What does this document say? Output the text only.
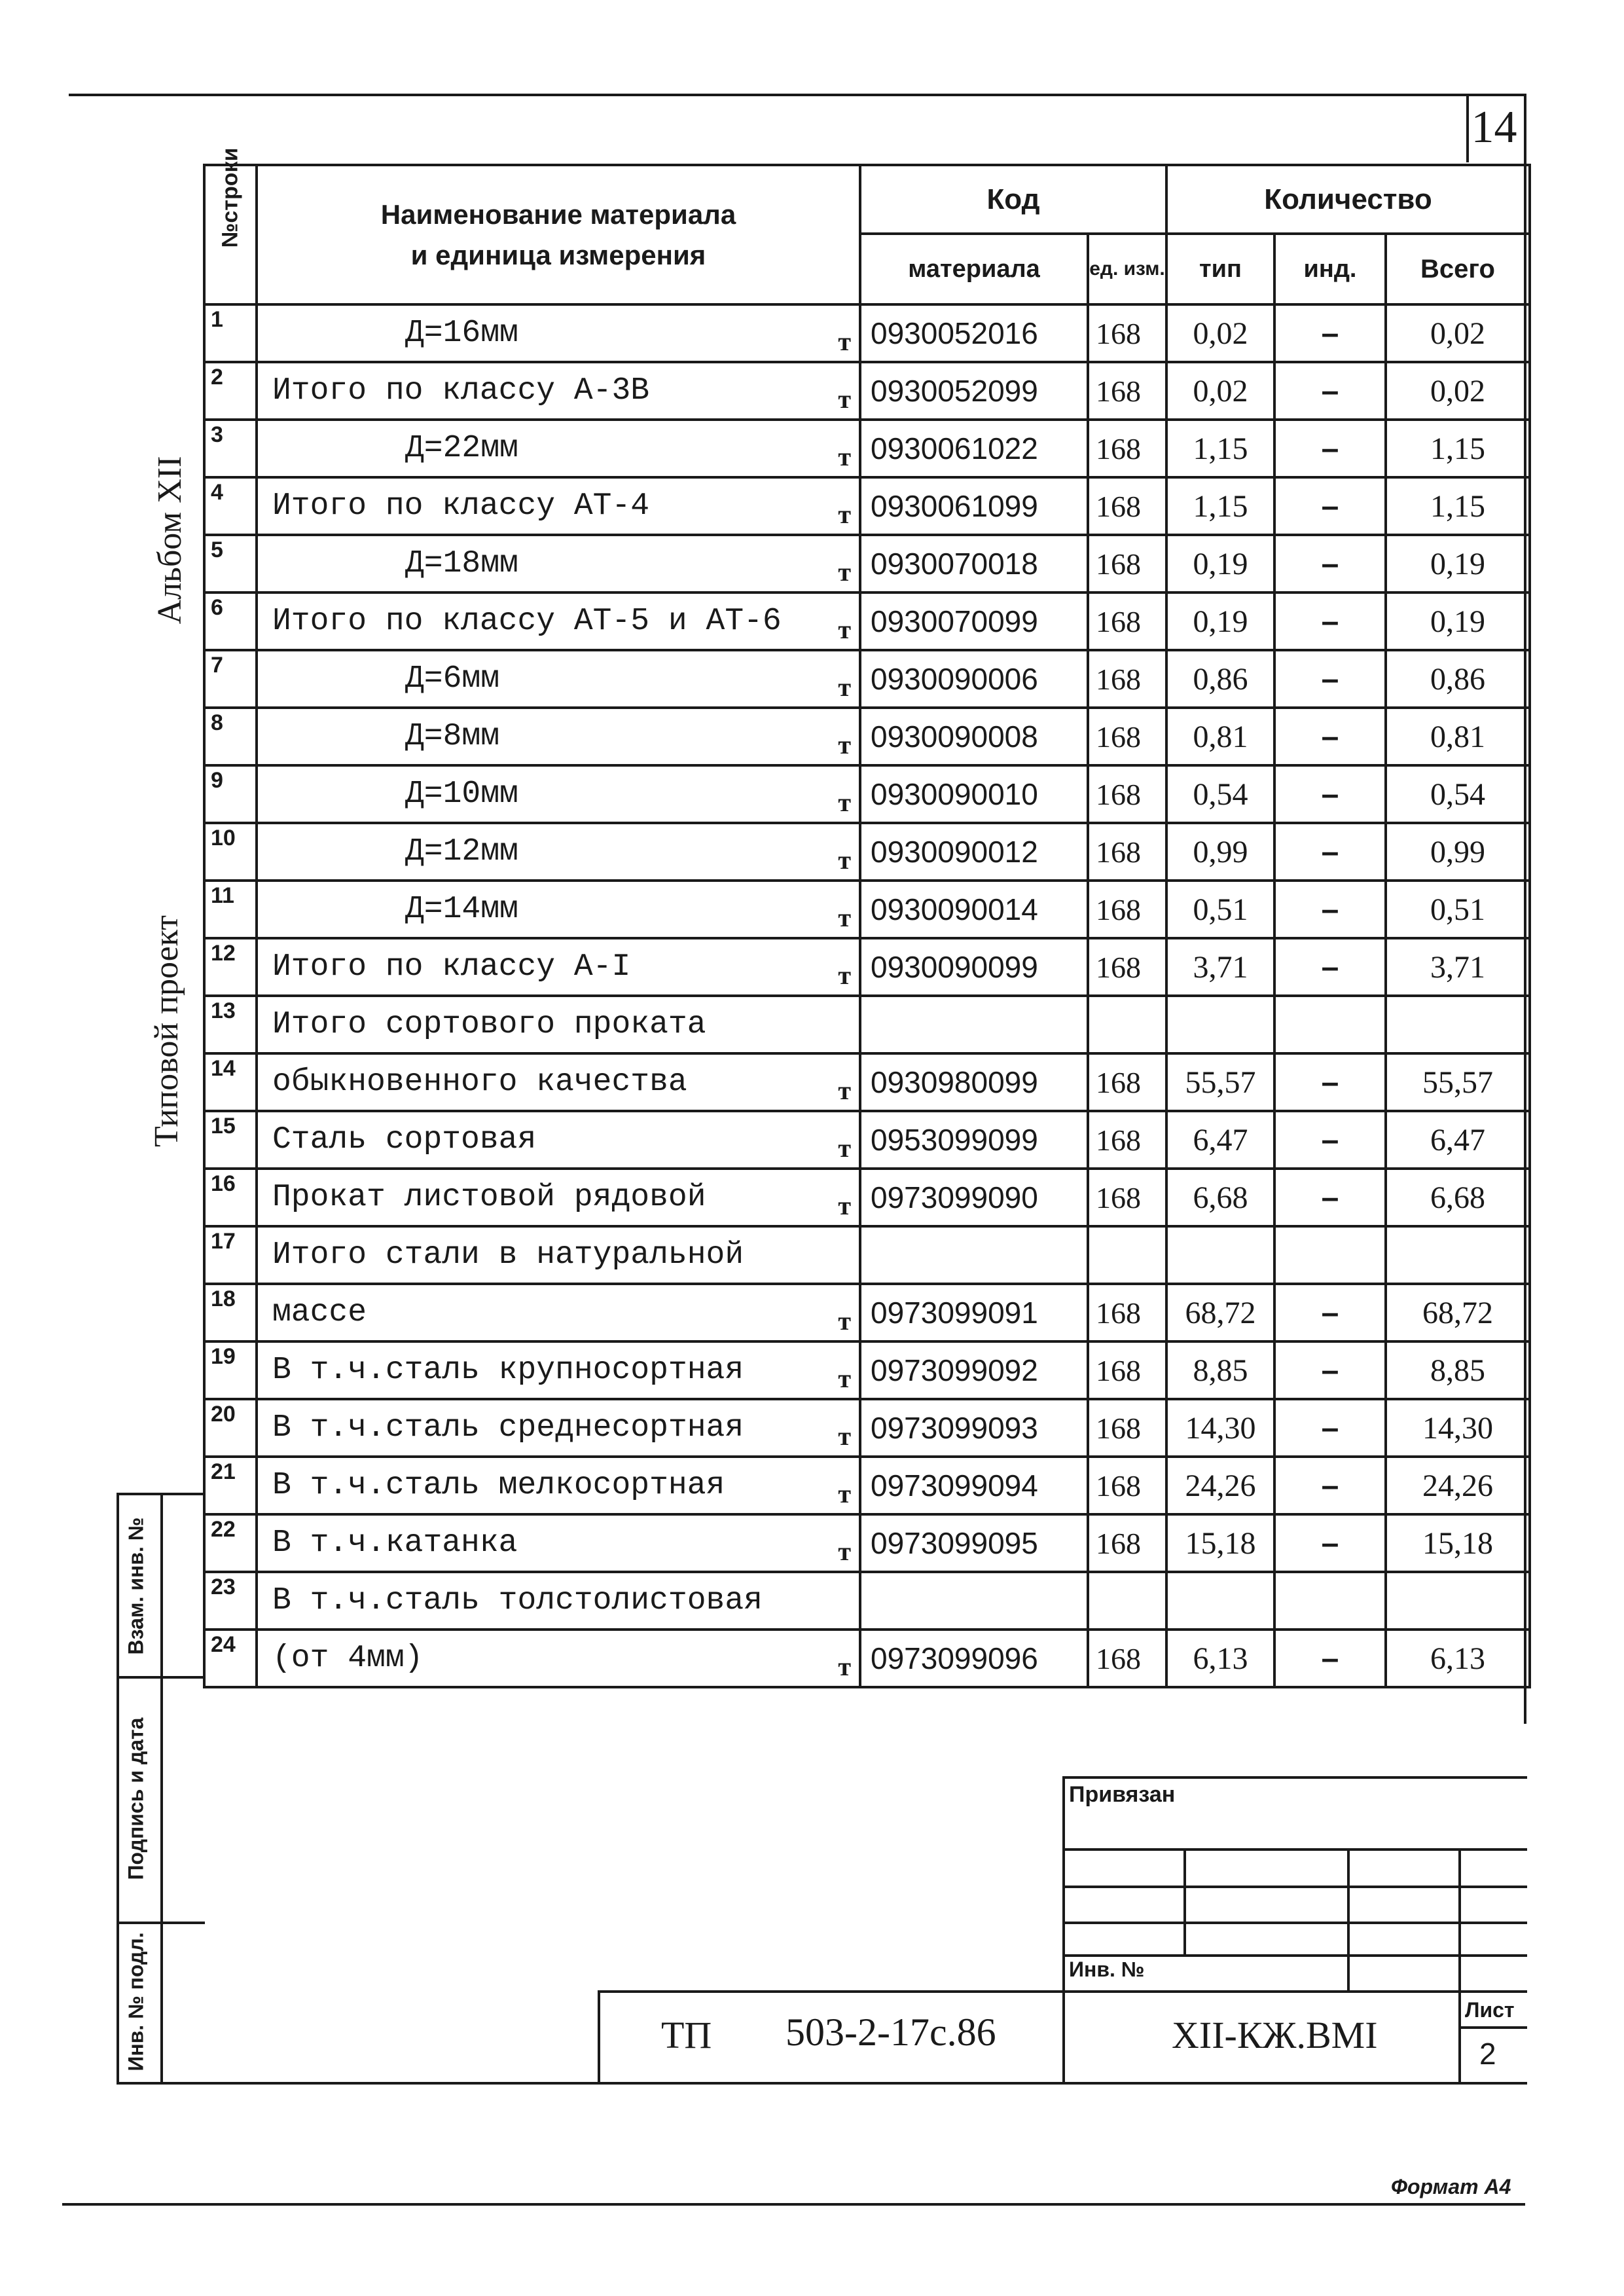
14
Альбом XII
Типовой проект
Взам. инв. №
Подпись и дата
Инв. № подл.
№строки	Наименование материала
и единица измерения	Код		Количество		
		материала	ед. изм.	тип	инд.	Всего
1	Д=16мм т	0930052016	168	0,02	–	0,02
2	Итого по классу А-3В т	0930052099	168	0,02	–	0,02
3	Д=22мм т	0930061022	168	1,15	–	1,15
4	Итого по классу АТ-4 т	0930061099	168	1,15	–	1,15
5	Д=18мм т	0930070018	168	0,19	–	0,19
6	Итого по классу АТ-5 и АТ-6 т	0930070099	168	0,19	–	0,19
7	Д=6мм т	0930090006	168	0,86	–	0,86
8	Д=8мм т	0930090008	168	0,81	–	0,81
9	Д=10мм т	0930090010	168	0,54	–	0,54
10	Д=12мм т	0930090012	168	0,99	–	0,99
11	Д=14мм т	0930090014	168	0,51	–	0,51
12	Итого по классу А-I т	0930090099	168	3,71	–	3,71
13	Итого сортового проката

14	обыкновенного качества т	0930980099	168	55,57	–	55,57
15	Сталь сортовая т	0953099099	168	6,47	–	6,47
16	Прокат листовой рядовой т	0973099090	168	6,68	–	6,68
17	Итого стали в натуральной

18	массе т	0973099091	168	68,72	–	68,72
19	В т.ч.сталь крупносортная т	0973099092	168	8,85	–	8,85
20	В т.ч.сталь среднесортная т	0973099093	168	14,30	–	14,30
21	В т.ч.сталь мелкосортная т	0973099094	168	24,26	–	24,26
22	В т.ч.катанка т	0973099095	168	15,18	–	15,18
23	В т.ч.сталь толстолистовая

24	(от 4мм) т	0973099096	168	6,13	–	6,13
Привязан
Инв. №
ТП 503-2-17с.86	XII-КЖ.ВМI
Лист
2
Формат А4
